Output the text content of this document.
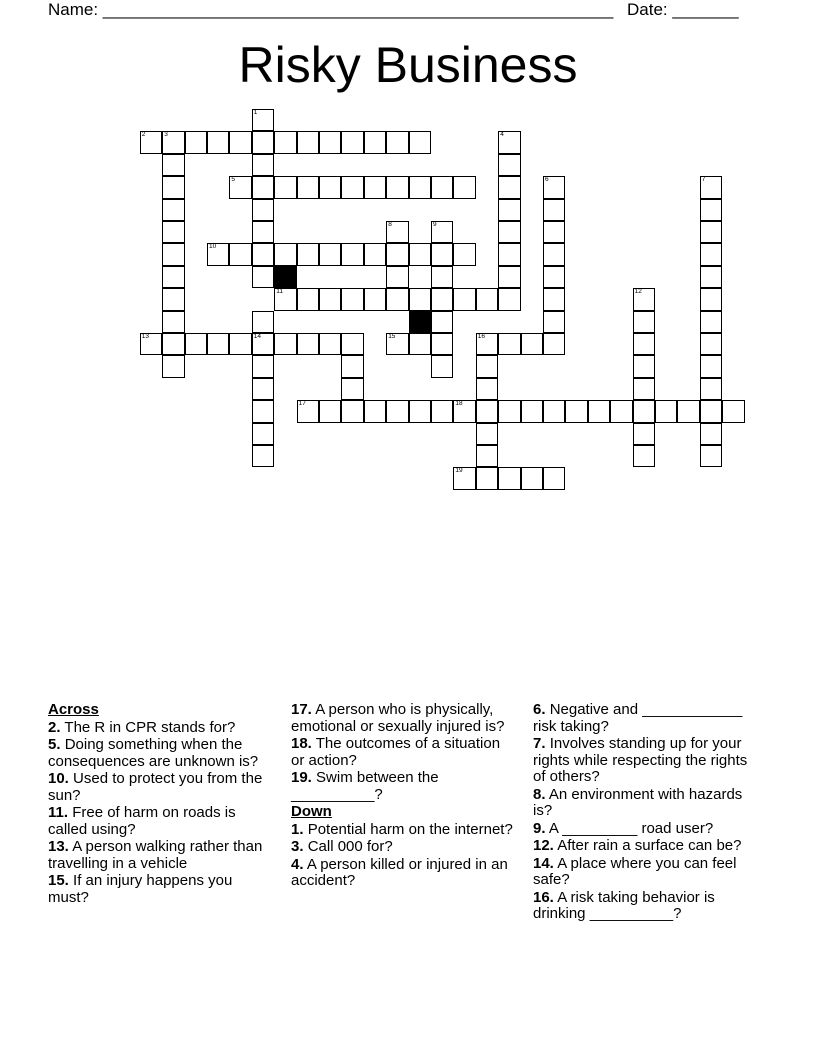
Name: ______________________________________________________ Date: _______
Risky Business
1
2	3	4
5	6	7
8	9
10
11	12
13	14	15	16
17	18
19
Across
2. The R in CPR stands for?
5. Doing something when the consequences are unknown is?
10. Used to protect you from the sun?
11. Free of harm on roads is called using?
13. A person walking rather than travelling in a vehicle
15. If an injury happens you must?
17. A person who is physically, emotional or sexually injured is?
18. The outcomes of a situation or action?
19. Swim between the __________?
Down
1. Potential harm on the internet?
3. Call 000 for?
4. A person killed or injured in an accident?
6. Negative and ____________ risk taking?
7. Involves standing up for your rights while respecting the rights of others?
8. An environment with hazards is?
9. A _________ road user?
12. After rain a surface can be?
14. A place where you can feel safe?
16. A risk taking behavior is drinking __________?
